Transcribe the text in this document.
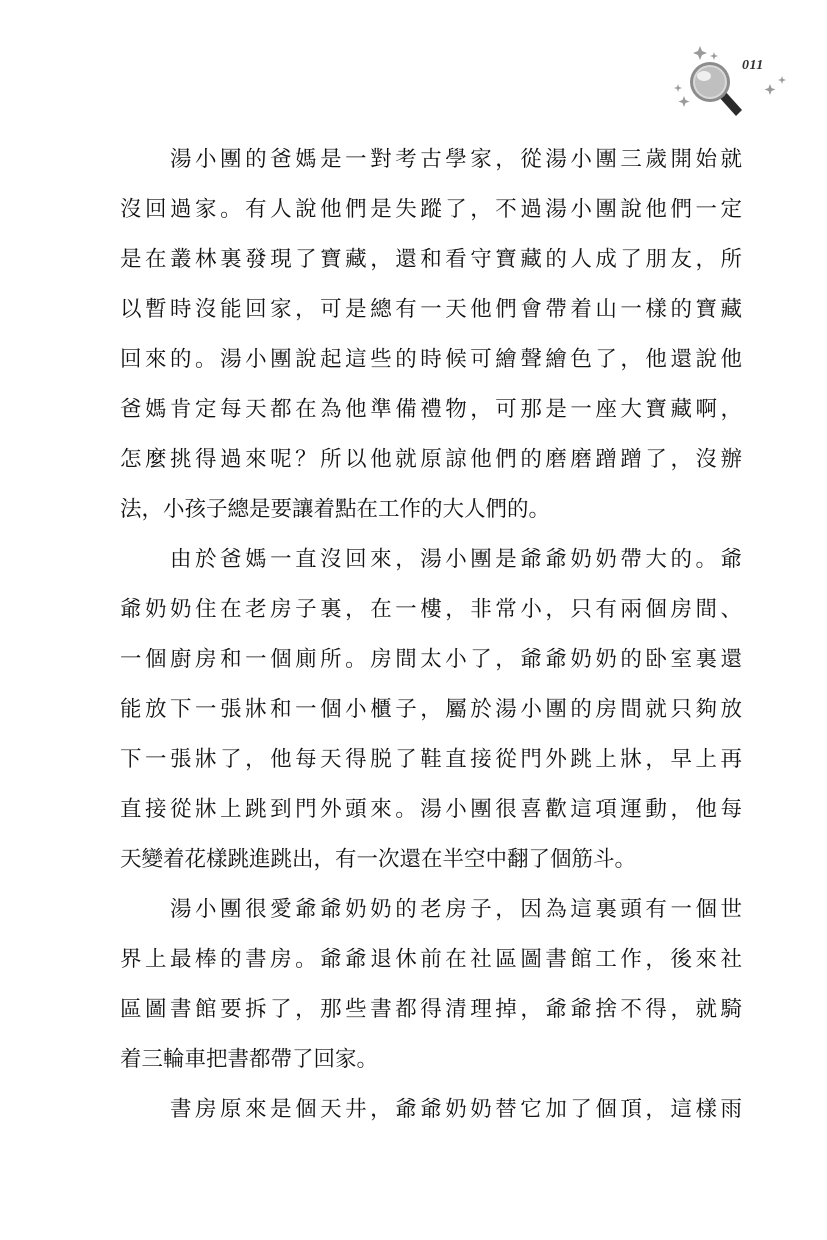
011
湯小團的爸媽是一對考古學家，從湯小團三歲開始就
沒回過家。有人說他們是失蹤了，不過湯小團說他們一定
是在叢林裏發現了寶藏，還和看守寶藏的人成了朋友，所
以暫時沒能回家，可是總有一天他們會帶着山一樣的寶藏
回來的。湯小團說起這些的時候可繪聲繪色了，他還說他
爸媽肯定每天都在為他準備禮物，可那是一座大寶藏啊，
怎麼挑得過來呢？所以他就原諒他們的磨磨蹭蹭了，沒辦
法，小孩子總是要讓着點在工作的大人們的。
由於爸媽一直沒回來，湯小團是爺爺奶奶帶大的。爺
爺奶奶住在老房子裏，在一樓，非常小，只有兩個房間、
一個廚房和一個廁所。房間太小了，爺爺奶奶的卧室裏還
能放下一張牀和一個小櫃子，屬於湯小團的房間就只夠放
下一張牀了，他每天得脱了鞋直接從門外跳上牀，早上再
直接從牀上跳到門外頭來。湯小團很喜歡這項運動，他每
天變着花樣跳進跳出，有一次還在半空中翻了個筋斗。
湯小團很愛爺爺奶奶的老房子，因為這裏頭有一個世
界上最棒的書房。爺爺退休前在社區圖書館工作，後來社
區圖書館要拆了，那些書都得清理掉，爺爺捨不得，就騎
着三輪車把書都帶了回家。
書房原來是個天井，爺爺奶奶替它加了個頂，這樣雨
